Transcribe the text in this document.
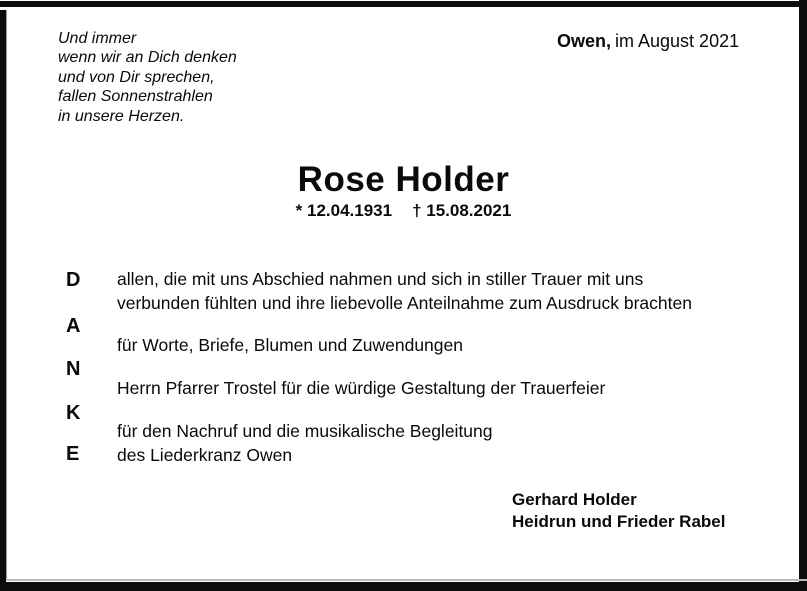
Und immer
wenn wir an Dich denken
und von Dir sprechen,
fallen Sonnenstrahlen
in unsere Herzen.
Owen, im August 2021
Rose Holder
* 12.04.1931 † 15.08.2021
D
A
N
K
E
allen, die mit uns Abschied nahmen und sich in stiller Trauer mit uns
verbunden fühlten und ihre liebevolle Anteilnahme zum Ausdruck brachten
für Worte, Briefe, Blumen und Zuwendungen
Herrn Pfarrer Trostel für die würdige Gestaltung der Trauerfeier
für den Nachruf und die musikalische Begleitung
des Liederkranz Owen
Gerhard Holder
Heidrun und Frieder Rabel
